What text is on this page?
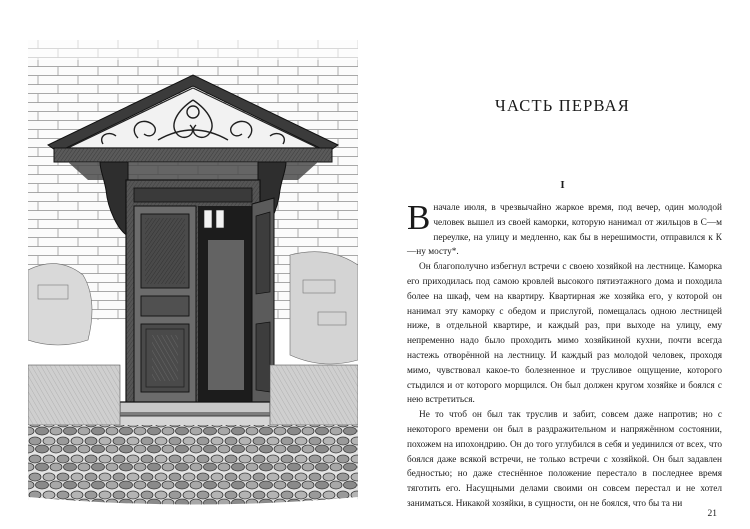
ЧАСТЬ ПЕРВАЯ
I

Вначале июля, в чрезвычайно жаркое время, под вечер, один молодой человек вышел из своей каморки, которую нанимал от жильцов в С—м переулке, на улицу и медленно, как бы в нерешимости, отправился к К—ну мосту*.

Он благополучно избегнул встречи с своею хозяйкой на лестнице. Каморка его приходилась под самою кровлей высокого пятиэтажного дома и походила более на шкаф, чем на квартиру. Квартирная же хозяйка его, у которой он нанимал эту каморку с обедом и прислугой, помещалась одною лестницей ниже, в отдельной квартире, и каждый раз, при выходе на улицу, ему непременно надо было проходить мимо хозяйкиной кухни, почти всегда настежь отворённой на лестницу. И каждый раз молодой человек, проходя мимо, чувствовал какое-то болезненное и трусливое ощущение, которого стыдился и от которого морщился. Он был должен кругом хозяйке и боялся с нею встретиться.

Не то чтоб он был так труслив и забит, совсем даже напротив; но с некоторого времени он был в раздражительном и напряжённом состоянии, похожем на ипохондрию. Он до того углубился в себя и уединился от всех, что боялся даже всякой встречи, не только встречи с хозяйкой. Он был задавлен бедностью; но даже стеснённое положение перестало в последнее время тяготить его. Насущными делами своими он совсем перестал и не хотел заниматься. Никакой хозяйки, в сущности, он не боялся, что бы та ни

21
